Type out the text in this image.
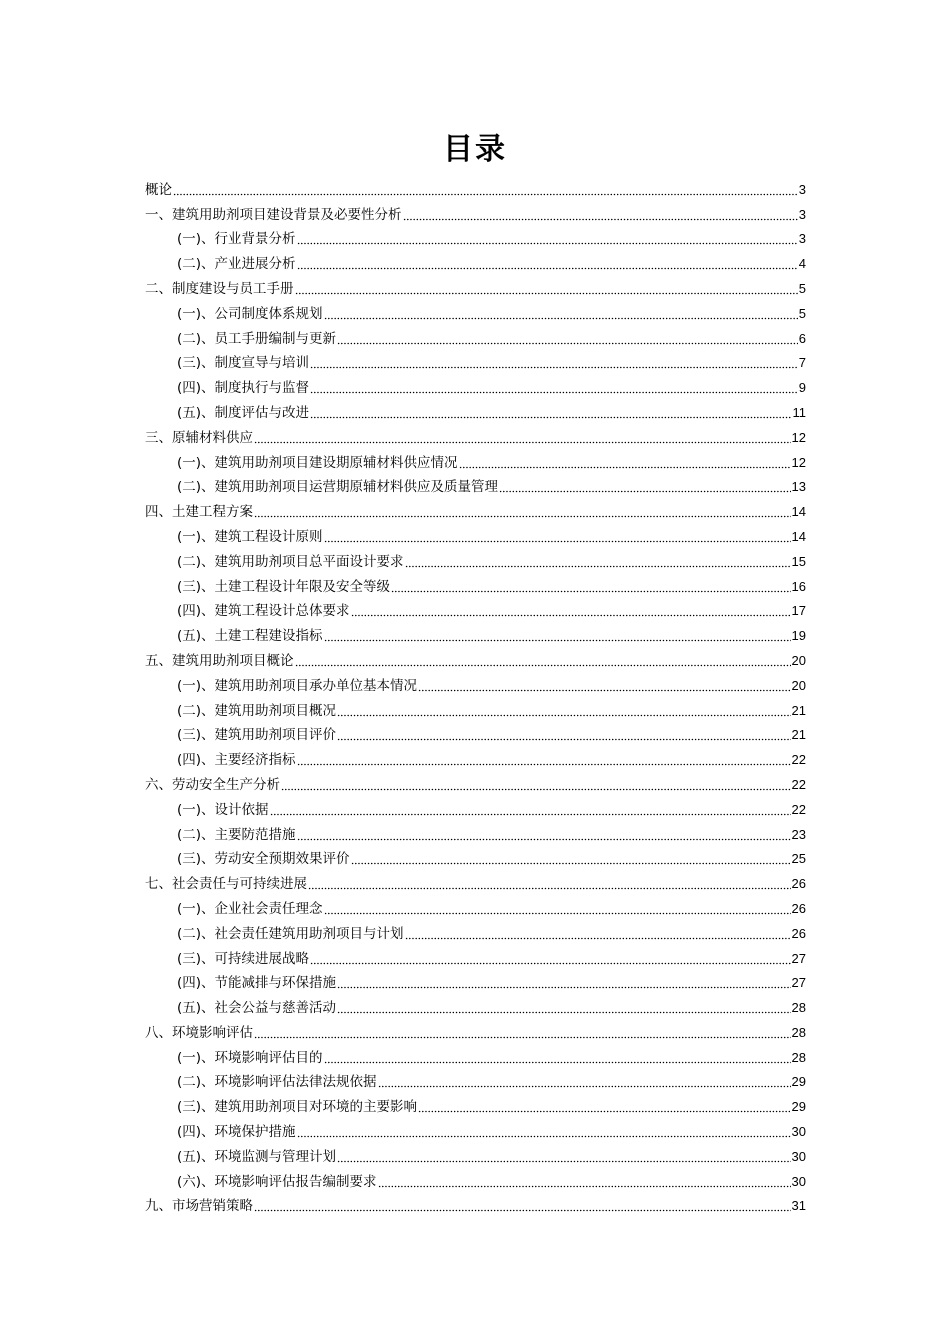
目录
概论	3
一、建筑用助剂项目建设背景及必要性分析	3
(一)、行业背景分析	3
(二)、产业进展分析	4
二、制度建设与员工手册	5
(一)、公司制度体系规划	5
(二)、员工手册编制与更新	6
(三)、制度宣导与培训	7
(四)、制度执行与监督	9
(五)、制度评估与改进	11
三、原辅材料供应	12
(一)、建筑用助剂项目建设期原辅材料供应情况	12
(二)、建筑用助剂项目运营期原辅材料供应及质量管理	13
四、土建工程方案	14
(一)、建筑工程设计原则	14
(二)、建筑用助剂项目总平面设计要求	15
(三)、土建工程设计年限及安全等级	16
(四)、建筑工程设计总体要求	17
(五)、土建工程建设指标	19
五、建筑用助剂项目概论	20
(一)、建筑用助剂项目承办单位基本情况	20
(二)、建筑用助剂项目概况	21
(三)、建筑用助剂项目评价	21
(四)、主要经济指标	22
六、劳动安全生产分析	22
(一)、设计依据	22
(二)、主要防范措施	23
(三)、劳动安全预期效果评价	25
七、社会责任与可持续进展	26
(一)、企业社会责任理念	26
(二)、社会责任建筑用助剂项目与计划	26
(三)、可持续进展战略	27
(四)、节能减排与环保措施	27
(五)、社会公益与慈善活动	28
八、环境影响评估	28
(一)、环境影响评估目的	28
(二)、环境影响评估法律法规依据	29
(三)、建筑用助剂项目对环境的主要影响	29
(四)、环境保护措施	30
(五)、环境监测与管理计划	30
(六)、环境影响评估报告编制要求	30
九、市场营销策略	31
